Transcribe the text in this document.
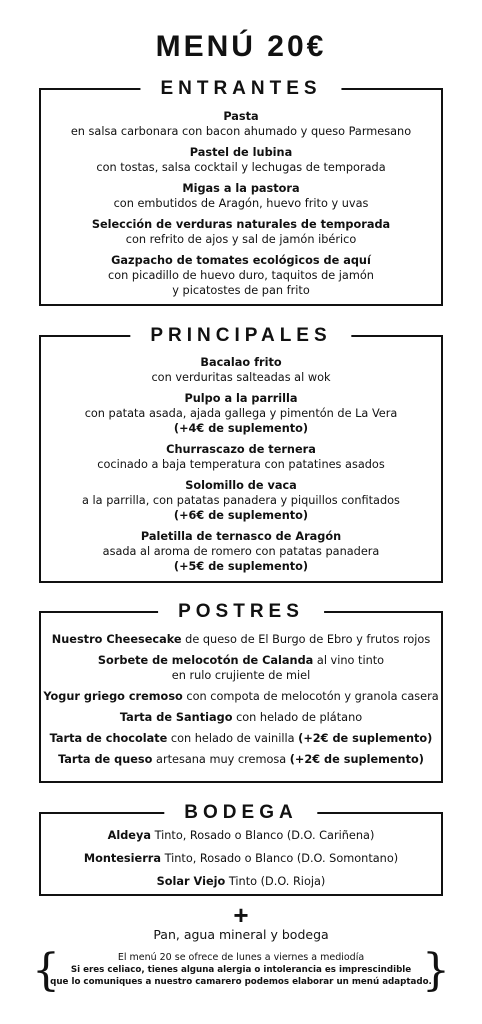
MENÚ 20€
ENTRANTES
Pasta
en salsa carbonara con bacon ahumado y queso Parmesano
Pastel de lubina
con tostas, salsa cocktail y lechugas de temporada
Migas a la pastora
con embutidos de Aragón, huevo frito y uvas
Selección de verduras naturales de temporada
con refrito de ajos y sal de jamón ibérico
Gazpacho de tomates ecológicos de aquí
con picadillo de huevo duro, taquitos de jamón
y picatostes de pan frito
PRINCIPALES
Bacalao frito
con verduritas salteadas al wok
Pulpo a la parrilla
con patata asada, ajada gallega y pimentón de La Vera
(+4€ de suplemento)
Churrascazo de ternera
cocinado a baja temperatura con patatines asados
Solomillo de vaca
a la parrilla, con patatas panadera y piquillos confitados
(+6€ de suplemento)
Paletilla de ternasco de Aragón
asada al aroma de romero con patatas panadera
(+5€ de suplemento)
POSTRES
Nuestro Cheesecake de queso de El Burgo de Ebro y frutos rojos
Sorbete de melocotón de Calanda al vino tinto
en rulo crujiente de miel
Yogur griego cremoso con compota de melocotón y granola casera
Tarta de Santiago con helado de plátano
Tarta de chocolate con helado de vainilla (+2€ de suplemento)
Tarta de queso artesana muy cremosa (+2€ de suplemento)
BODEGA
Aldeya Tinto, Rosado o Blanco (D.O. Cariñena)
Montesierra Tinto, Rosado o Blanco (D.O. Somontano)
Solar Viejo Tinto (D.O. Rioja)
+
Pan, agua mineral y bodega
{	}
El menú 20 se ofrece de lunes a viernes a mediodía
Si eres celiaco, tienes alguna alergia o intolerancia es imprescindible
que lo comuniques a nuestro camarero podemos elaborar un menú adaptado.
